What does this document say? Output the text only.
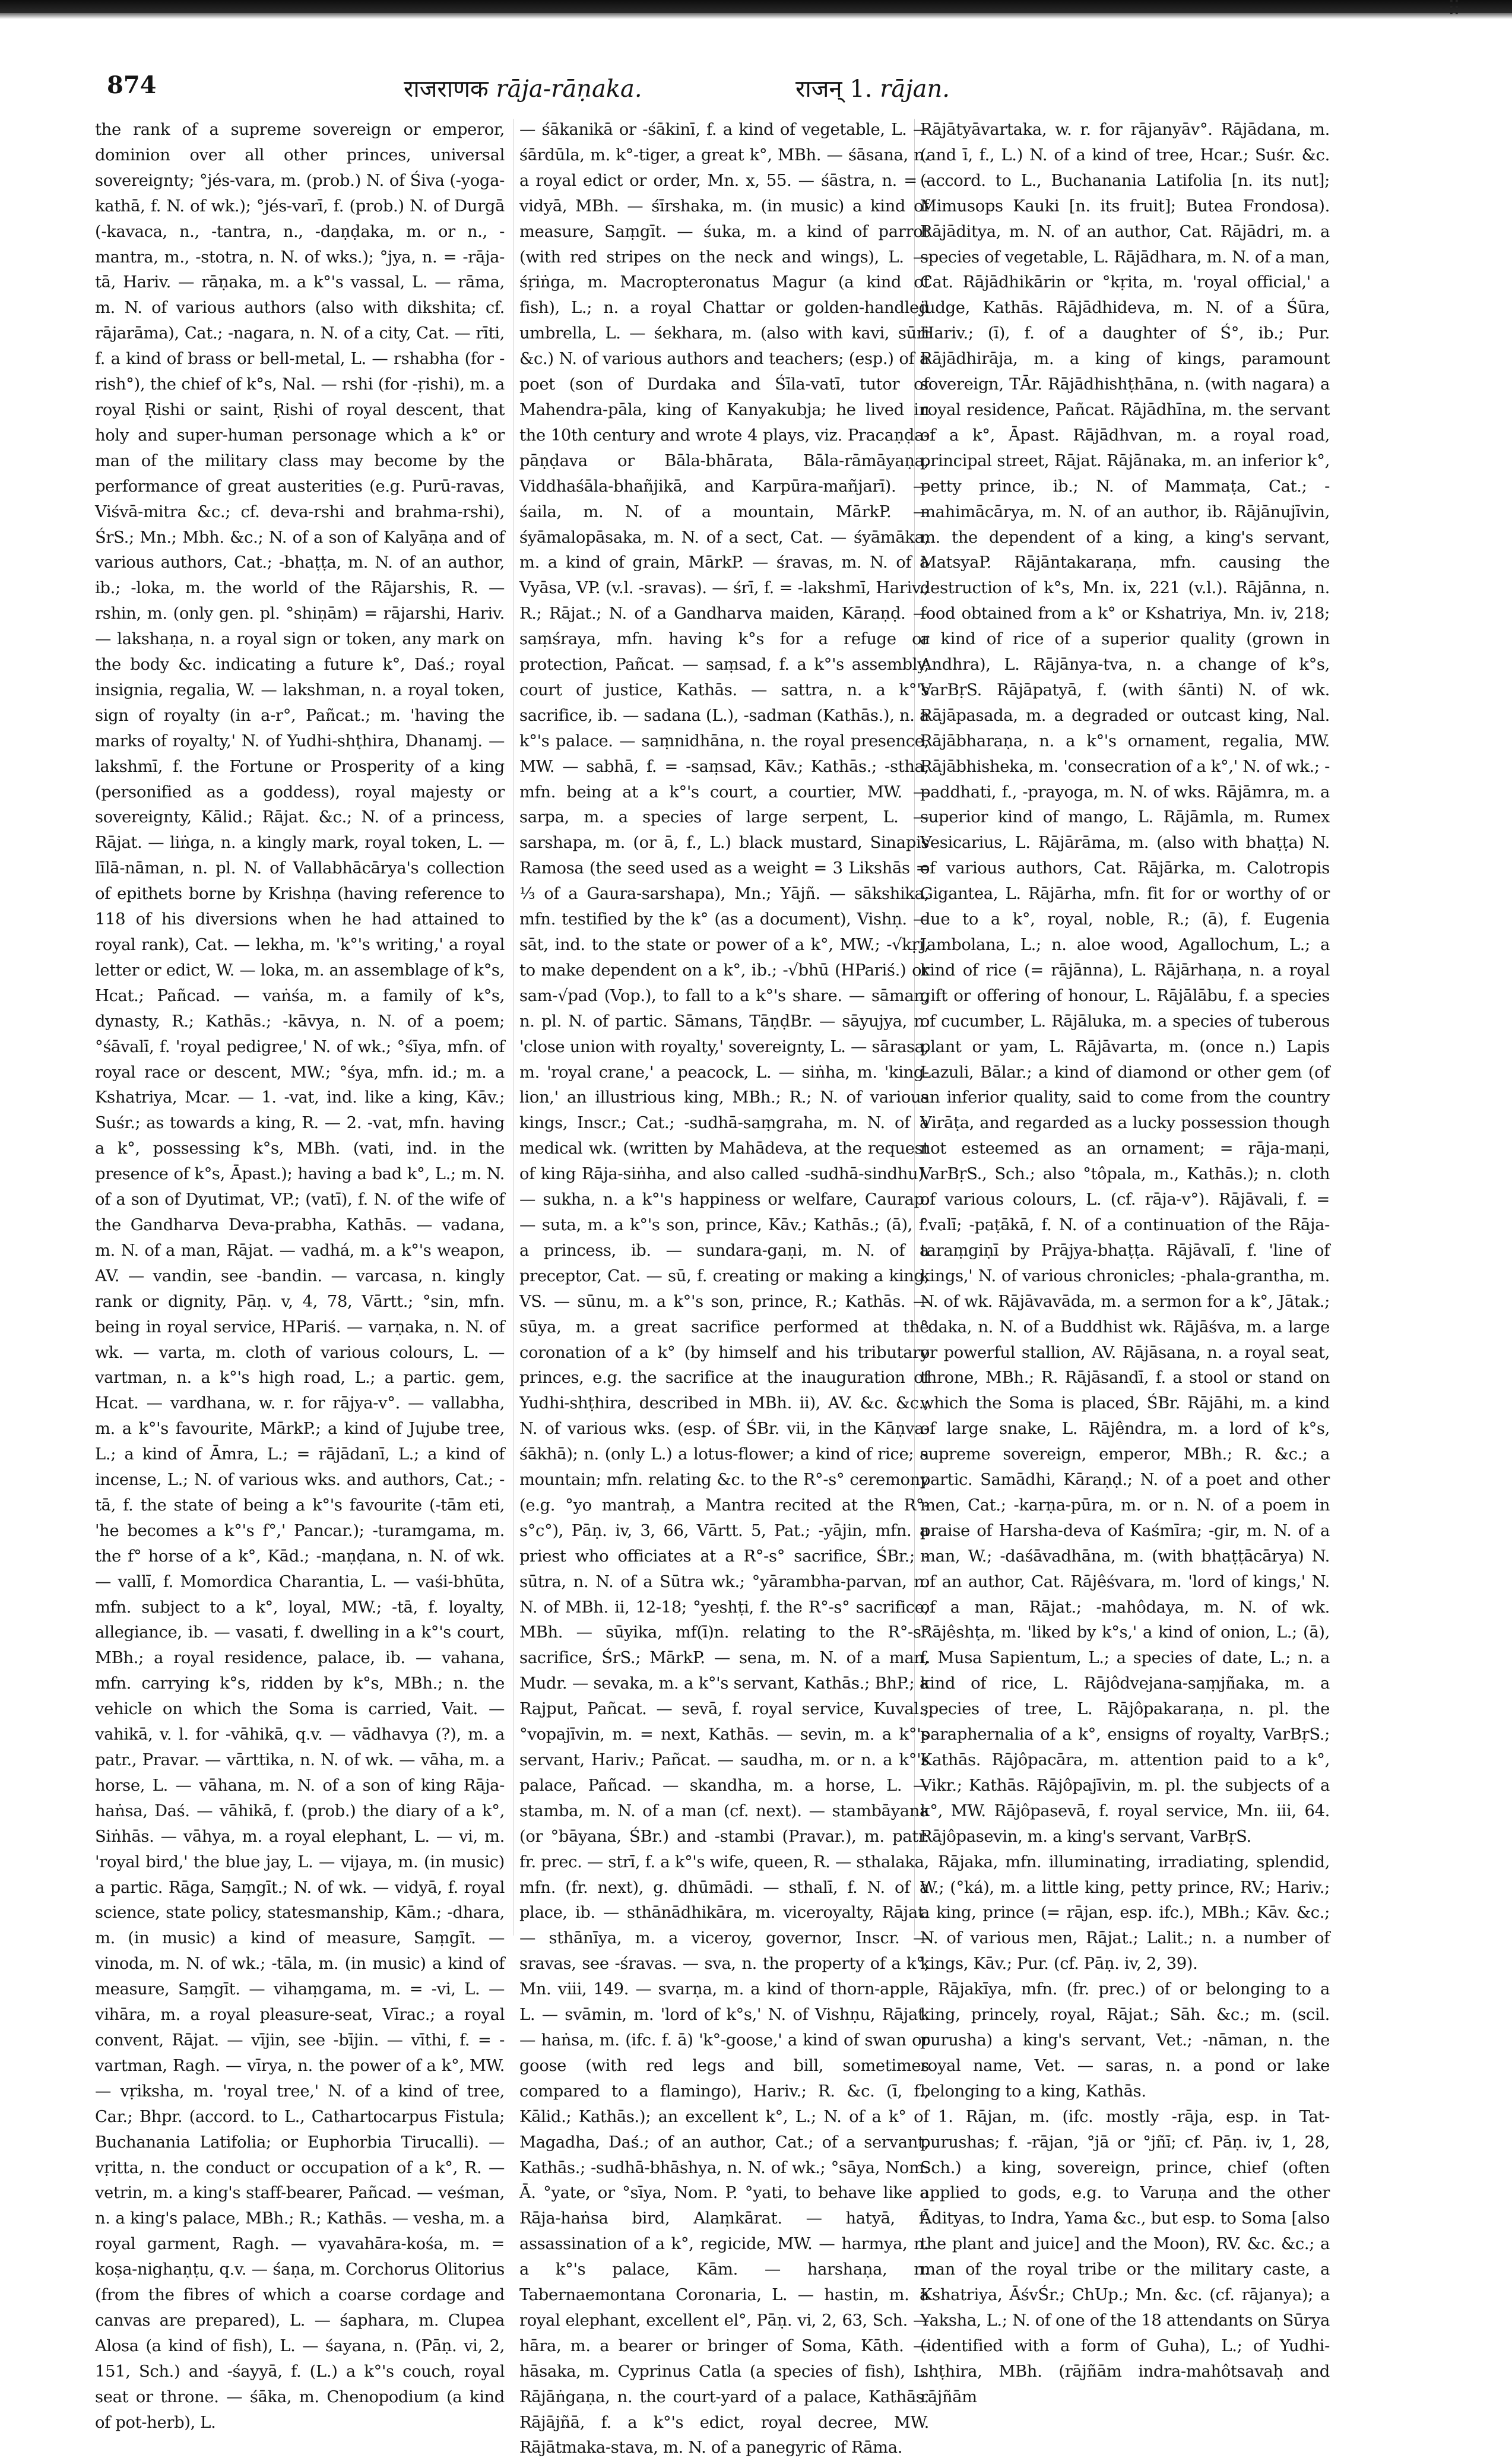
⫶⫶
874	राजराणक rāja-rāṇaka.	राजन् 1. rājan.

the rank of a supreme sovereign or emperor, dominion over all other princes, universal sovereignty; °jés-vara, m. (prob.) N. of Śiva (-yoga-kathā, f. N. of wk.); °jés-varī, f. (prob.) N. of Durgā (-kavaca, n., -tantra, n., -daṇḍaka, m. or n., -mantra, m., -stotra, n. N. of wks.); °jya, n. = -rāja-tā, Hariv. — rāṇaka, m. a k°'s vassal, L. — rāma, m. N. of various authors (also with dikshita; cf. rājarāma), Cat.; -nagara, n. N. of a city, Cat. — rīti, f. a kind of brass or bell-metal, L. — rshabha (for -rish°), the chief of k°s, Nal. — rshi (for -ṛishi), m. a royal Ṛishi or saint, Ṛishi of royal descent, that holy and super-human personage which a k° or man of the military class may become by the performance of great austerities (e.g. Purū-ravas, Viśvā-mitra &c.; cf. deva-rshi and brahma-rshi), ŚrS.; Mn.; Mbh. &c.; N. of a son of Kalyāṇa and of various authors, Cat.; -bhaṭṭa, m. N. of an author, ib.; -loka, m. the world of the Rājarshis, R. — rshin, m. (only gen. pl. °shiṇām) = rājarshi, Hariv. — lakshaṇa, n. a royal sign or token, any mark on the body &c. indicating a future k°, Daś.; royal insignia, regalia, W. — lakshman, n. a royal token, sign of royalty (in a-r°, Pañcat.; m. 'having the marks of royalty,' N. of Yudhi-shṭhira, Dhanamj. — lakshmī, f. the Fortune or Prosperity of a king (personified as a goddess), royal majesty or sovereignty, Kālid.; Rājat. &c.; N. of a princess, Rājat. — liṅga, n. a kingly mark, royal token, L. — līlā-nāman, n. pl. N. of Vallabhācārya's collection of epithets borne by Krishṇa (having reference to 118 of his diversions when he had attained to royal rank), Cat. — lekha, m. 'k°'s writing,' a royal letter or edict, W. — loka, m. an assemblage of k°s, Hcat.; Pañcad. — vaṅśa, m. a family of k°s, dynasty, R.; Kathās.; -kāvya, n. N. of a poem; °śāvalī, f. 'royal pedigree,' N. of wk.; °śīya, mfn. of royal race or descent, MW.; °śya, mfn. id.; m. a Kshatriya, Mcar. — 1. -vat, ind. like a king, Kāv.; Suśr.; as towards a king, R. — 2. -vat, mfn. having a k°, possessing k°s, MBh. (vati, ind. in the presence of k°s, Āpast.); having a bad k°, L.; m. N. of a son of Dyutimat, VP.; (vatī), f. N. of the wife of the Gandharva Deva-prabha, Kathās. — vadana, m. N. of a man, Rājat. — vadhá, m. a k°'s weapon, AV. — vandin, see -bandin. — varcasa, n. kingly rank or dignity, Pāṇ. v, 4, 78, Vārtt.; °sin, mfn. being in royal service, HPariś. — varṇaka, n. N. of wk. — varta, m. cloth of various colours, L. — vartman, n. a k°'s high road, L.; a partic. gem, Hcat. — vardhana, w. r. for rājya-v°. — vallabha, m. a k°'s favourite, MārkP.; a kind of Jujube tree, L.; a kind of Āmra, L.; = rājādanī, L.; a kind of incense, L.; N. of various wks. and authors, Cat.; -tā, f. the state of being a k°'s favourite (-tām eti, 'he becomes a k°'s f°,' Pancar.); -turamgama, m. the f° horse of a k°, Kād.; -maṇḍana, n. N. of wk. — vallī, f. Momordica Charantia, L. — vaśi-bhūta, mfn. subject to a k°, loyal, MW.; -tā, f. loyalty, allegiance, ib. — vasati, f. dwelling in a k°'s court, MBh.; a royal residence, palace, ib. — vahana, mfn. carrying k°s, ridden by k°s, MBh.; n. the vehicle on which the Soma is carried, Vait. — vahikā, v. l. for -vāhikā, q.v. — vādhavya (?), m. a patr., Pravar. — vārttika, n. N. of wk. — vāha, m. a horse, L. — vāhana, m. N. of a son of king Rāja-haṅsa, Daś. — vāhikā, f. (prob.) the diary of a k°, Siṅhās. — vāhya, m. a royal elephant, L. — vi, m. 'royal bird,' the blue jay, L. — vijaya, m. (in music) a partic. Rāga, Saṃgīt.; N. of wk. — vidyā, f. royal science, state policy, statesmanship, Kām.; -dhara, m. (in music) a kind of measure, Saṃgīt. — vinoda, m. N. of wk.; -tāla, m. (in music) a kind of measure, Saṃgīt. — vihaṃgama, m. = -vi, L. — vihāra, m. a royal pleasure-seat, Vīrac.; a royal convent, Rājat. — vījin, see -bījin. — vīthi, f. = -vartman, Ragh. — vīrya, n. the power of a k°, MW. — vṛiksha, m. 'royal tree,' N. of a kind of tree, Car.; Bhpr. (accord. to L., Cathartocarpus Fistula; Buchanania Latifolia; or Euphorbia Tirucalli). — vṛitta, n. the conduct or occupation of a k°, R. — vetrin, m. a king's staff-bearer, Pañcad. — veśman, n. a king's palace, MBh.; R.; Kathās. — vesha, m. a royal garment, Ragh. — vyavahāra-kośa, m. = koṣa-nighaṇṭu, q.v. — śaṇa, m. Corchorus Olitorius (from the fibres of which a coarse cordage and canvas are prepared), L. — śaphara, m. Clupea Alosa (a kind of fish), L. — śayana, n. (Pāṇ. vi, 2, 151, Sch.) and -śayyā, f. (L.) a k°'s couch, royal seat or throne. — śāka, m. Chenopodium (a kind of pot-herb), L.

— śākanikā or -śākinī, f. a kind of vegetable, L. — śārdūla, m. k°-tiger, a great k°, MBh. — śāsana, n. a royal edict or order, Mn. x, 55. — śāstra, n. = -vidyā, MBh. — śīrshaka, m. (in music) a kind of measure, Saṃgīt. — śuka, m. a kind of parrot (with red stripes on the neck and wings), L. — śṛiṅga, m. Macropteronatus Magur (a kind of fish), L.; n. a royal Chattar or golden-handled umbrella, L. — śekhara, m. (also with kavi, sūri &c.) N. of various authors and teachers; (esp.) of a poet (son of Durdaka and Śīla-vatī, tutor of Mahendra-pāla, king of Kanyakubja; he lived in the 10th century and wrote 4 plays, viz. Pracaṇḍa-pāṇḍava or Bāla-bhārata, Bāla-rāmāyaṇa, Viddhaśāla-bhañjikā, and Karpūra-mañjarī). — śaila, m. N. of a mountain, MārkP. — śyāmalopāsaka, m. N. of a sect, Cat. — śyāmāka, m. a kind of grain, MārkP. — śravas, m. N. of a Vyāsa, VP. (v.l. -sravas). — śrī, f. = -lakshmī, Hariv.; R.; Rājat.; N. of a Gandharva maiden, Kāraṇḍ. — saṃśraya, mfn. having k°s for a refuge or protection, Pañcat. — saṃsad, f. a k°'s assembly, court of justice, Kathās. — sattra, n. a k°'s sacrifice, ib. — sadana (L.), -sadman (Kathās.), n. a k°'s palace. — saṃnidhāna, n. the royal presence, MW. — sabhā, f. = -saṃsad, Kāv.; Kathās.; -stha, mfn. being at a k°'s court, a courtier, MW. — sarpa, m. a species of large serpent, L. — sarshapa, m. (or ā, f., L.) black mustard, Sinapis Ramosa (the seed used as a weight = 3 Likshās = ⅓ of a Gaura-sarshapa), Mn.; Yājñ. — sākshika, mfn. testified by the k° (as a document), Vishṇ. — sāt, ind. to the state or power of a k°, MW.; -√kṛi, to make dependent on a k°, ib.; -√bhū (HPariś.) or sam-√pad (Vop.), to fall to a k°'s share. — sāman, n. pl. N. of partic. Sāmans, TāṇḍBr. — sāyujya, n. 'close union with royalty,' sovereignty, L. — sārasa, m. 'royal crane,' a peacock, L. — siṅha, m. 'king-lion,' an illustrious king, MBh.; R.; N. of various kings, Inscr.; Cat.; -sudhā-saṃgraha, m. N. of a medical wk. (written by Mahādeva, at the request of king Rāja-siṅha, and also called -sudhā-sindhu). — sukha, n. a k°'s happiness or welfare, Caurap. — suta, m. a k°'s son, prince, Kāv.; Kathās.; (ā), f. a princess, ib. — sundara-gaṇi, m. N. of a preceptor, Cat. — sū, f. creating or making a king, VS. — sūnu, m. a k°'s son, prince, R.; Kathās. — sūya, m. a great sacrifice performed at the coronation of a k° (by himself and his tributary princes, e.g. the sacrifice at the inauguration of Yudhi-shṭhira, described in MBh. ii), AV. &c. &c.; N. of various wks. (esp. of ŚBr. vii, in the Kāṇva-śākhā); n. (only L.) a lotus-flower; a kind of rice; a mountain; mfn. relating &c. to the R°-s° ceremony (e.g. °yo mantraḥ, a Mantra recited at the R°-s°c°), Pāṇ. iv, 3, 66, Vārtt. 5, Pat.; -yājin, mfn. a priest who officiates at a R°-s° sacrifice, ŚBr.; -sūtra, n. N. of a Sūtra wk.; °yārambha-parvan, n. N. of MBh. ii, 12-18; °yeshṭi, f. the R°-s° sacrifice, MBh. — sūyika, mf(ī)n. relating to the R°-s° sacrifice, ŚrS.; MārkP. — sena, m. N. of a man, Mudr. — sevaka, m. a k°'s servant, Kathās.; BhP.; a Rajput, Pañcat. — sevā, f. royal service, Kuval.; °vopajīvin, m. = next, Kathās. — sevin, m. a k°'s servant, Hariv.; Pañcat. — saudha, m. or n. a k°'s palace, Pañcad. — skandha, m. a horse, L. — stamba, m. N. of a man (cf. next). — stambāyana (or °bāyana, ŚBr.) and -stambi (Pravar.), m. patr. fr. prec. — strī, f. a k°'s wife, queen, R. — sthalaka, mfn. (fr. next), g. dhūmādi. — sthalī, f. N. of a place, ib. — sthānādhikāra, m. viceroyalty, Rājat. — sthānīya, m. a viceroy, governor, Inscr. — sravas, see -śravas. — sva, n. the property of a k°, Mn. viii, 149. — svarṇa, m. a kind of thorn-apple, L. — svāmin, m. 'lord of k°s,' N. of Vishṇu, Rājat. — haṅsa, m. (ifc. f. ā) 'k°-goose,' a kind of swan or goose (with red legs and bill, sometimes compared to a flamingo), Hariv.; R. &c. (ī, f., Kālid.; Kathās.); an excellent k°, L.; N. of a k° of Magadha, Daś.; of an author, Cat.; of a servant, Kathās.; -sudhā-bhāshya, n. N. of wk.; °sāya, Nom. Ā. °yate, or °sīya, Nom. P. °yati, to behave like a Rāja-haṅsa bird, Alaṃkārat. — hatyā, f. assassination of a k°, regicide, MW. — harmya, n. a k°'s palace, Kām. — harshaṇa, n. Tabernaemontana Coronaria, L. — hastin, m. a royal elephant, excellent el°, Pāṇ. vi, 2, 63, Sch. — hāra, m. a bearer or bringer of Soma, Kāth. — hāsaka, m. Cyprinus Catla (a species of fish), L. Rājāṅgaṇa, n. the court-yard of a palace, Kathās. Rājājñā, f. a k°'s edict, royal decree, MW. Rājātmaka-stava, m. N. of a panegyric of Rāma.

Rājātyāvartaka, w. r. for rājanyāv°. Rājādana, m. (and ī, f., L.) N. of a kind of tree, Hcar.; Suśr. &c. (accord. to L., Buchanania Latifolia [n. its nut]; Mimusops Kauki [n. its fruit]; Butea Frondosa). Rājāditya, m. N. of an author, Cat. Rājādri, m. a species of vegetable, L. Rājādhara, m. N. of a man, Cat. Rājādhikārin or °kṛita, m. 'royal official,' a judge, Kathās. Rājādhideva, m. N. of a Śūra, Hariv.; (ī), f. of a daughter of Ś°, ib.; Pur. Rājādhirāja, m. a king of kings, paramount sovereign, TĀr. Rājādhishṭhāna, n. (with nagara) a royal residence, Pañcat. Rājādhīna, m. the servant of a k°, Āpast. Rājādhvan, m. a royal road, principal street, Rājat. Rājānaka, m. an inferior k°, petty prince, ib.; N. of Mammaṭa, Cat.; -mahimācārya, m. N. of an author, ib. Rājānujīvin, m. the dependent of a king, a king's servant, MatsyaP. Rājāntakaraṇa, mfn. causing the destruction of k°s, Mn. ix, 221 (v.l.). Rājānna, n. food obtained from a k° or Kshatriya, Mn. iv, 218; a kind of rice of a superior quality (grown in Andhra), L. Rājānya-tva, n. a change of k°s, VarBṛS. Rājāpatyā, f. (with śānti) N. of wk. Rājāpasada, m. a degraded or outcast king, Nal. Rājābharaṇa, n. a k°'s ornament, regalia, MW. Rājābhisheka, m. 'consecration of a k°,' N. of wk.; -paddhati, f., -prayoga, m. N. of wks. Rājāmra, m. a superior kind of mango, L. Rājāmla, m. Rumex Vesicarius, L. Rājārāma, m. (also with bhaṭṭa) N. of various authors, Cat. Rājārka, m. Calotropis Gigantea, L. Rājārha, mfn. fit for or worthy of or due to a k°, royal, noble, R.; (ā), f. Eugenia Jambolana, L.; n. aloe wood, Agallochum, L.; a kind of rice (= rājānna), L. Rājārhaṇa, n. a royal gift or offering of honour, L. Rājālābu, f. a species of cucumber, L. Rājāluka, m. a species of tuberous plant or yam, L. Rājāvarta, m. (once n.) Lapis Lazuli, Bālar.; a kind of diamond or other gem (of an inferior quality, said to come from the country Virāṭa, and regarded as a lucky possession though not esteemed as an ornament; = rāja-maṇi, VarBṛS., Sch.; also °tôpala, m., Kathās.); n. cloth of various colours, L. (cf. rāja-v°). Rājāvali, f. = °valī; -paṭākā, f. N. of a continuation of the Rāja-taraṃgiṇī by Prājya-bhaṭṭa. Rājāvalī, f. 'line of kings,' N. of various chronicles; -phala-grantha, m. N. of wk. Rājāvavāda, m. a sermon for a k°, Jātak.; °daka, n. N. of a Buddhist wk. Rājāśva, m. a large or powerful stallion, AV. Rājāsana, n. a royal seat, throne, MBh.; R. Rājāsandī, f. a stool or stand on which the Soma is placed, ŚBr. Rājāhi, m. a kind of large snake, L. Rājêndra, m. a lord of k°s, supreme sovereign, emperor, MBh.; R. &c.; a partic. Samādhi, Kāraṇḍ.; N. of a poet and other men, Cat.; -karṇa-pūra, m. or n. N. of a poem in praise of Harsha-deva of Kaśmīra; -gir, m. N. of a man, W.; -daśāvadhāna, m. (with bhaṭṭācārya) N. of an author, Cat. Rājêśvara, m. 'lord of kings,' N. of a man, Rājat.; -mahôdaya, m. N. of wk. Rājêshṭa, m. 'liked by k°s,' a kind of onion, L.; (ā), f. Musa Sapientum, L.; a species of date, L.; n. a kind of rice, L. Rājôdvejana-saṃjñaka, m. a species of tree, L. Rājôpakaraṇa, n. pl. the paraphernalia of a k°, ensigns of royalty, VarBṛS.; Kathās. Rājôpacāra, m. attention paid to a k°, Vikr.; Kathās. Rājôpajīvin, m. pl. the subjects of a k°, MW. Rājôpasevā, f. royal service, Mn. iii, 64. Rājôpasevin, m. a king's servant, VarBṛS.

Rājaka, mfn. illuminating, irradiating, splendid, W.; (°ká), m. a little king, petty prince, RV.; Hariv.; a king, prince (= rājan, esp. ifc.), MBh.; Kāv. &c.; N. of various men, Rājat.; Lalit.; n. a number of kings, Kāv.; Pur. (cf. Pāṇ. iv, 2, 39).

Rājakīya, mfn. (fr. prec.) of or belonging to a king, princely, royal, Rājat.; Sāh. &c.; m. (scil. purusha) a king's servant, Vet.; -nāman, n. the royal name, Vet. — saras, n. a pond or lake belonging to a king, Kathās.

1. Rājan, m. (ifc. mostly -rāja, esp. in Tat-purushas; f. -rājan, °jā or °jñī; cf. Pāṇ. iv, 1, 28, Sch.) a king, sovereign, prince, chief (often applied to gods, e.g. to Varuṇa and the other Ādityas, to Indra, Yama &c., but esp. to Soma [also the plant and juice] and the Moon), RV. &c. &c.; a man of the royal tribe or the military caste, a Kshatriya, ĀśvŚr.; ChUp.; Mn. &c. (cf. rājanya); a Yaksha, L.; N. of one of the 18 attendants on Sūrya (identified with a form of Guha), L.; of Yudhi-shṭhira, MBh. (rājñām indra-mahôtsavaḥ and rājñām
